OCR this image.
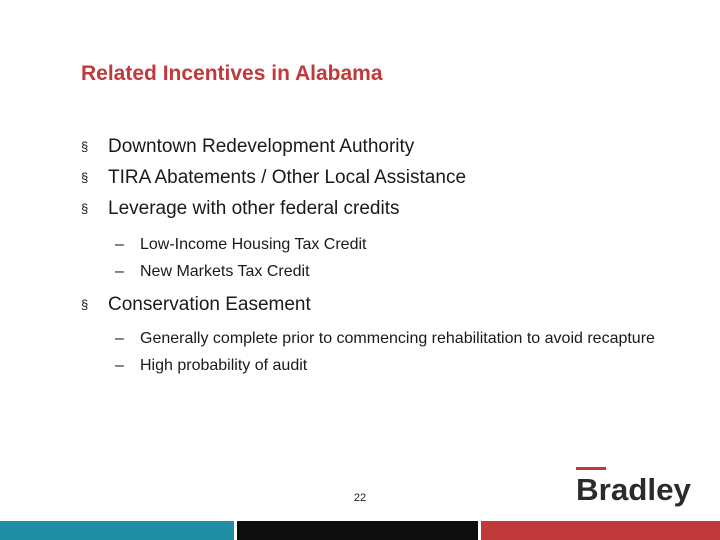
Related Incentives in Alabama
§ Downtown Redevelopment Authority
§ TIRA Abatements / Other Local Assistance
§ Leverage with other federal credits
– Low-Income Housing Tax Credit
– New Markets Tax Credit
§ Conservation Easement
– Generally complete prior to commencing rehabilitation to avoid recapture
– High probability of audit
22	Bradley
